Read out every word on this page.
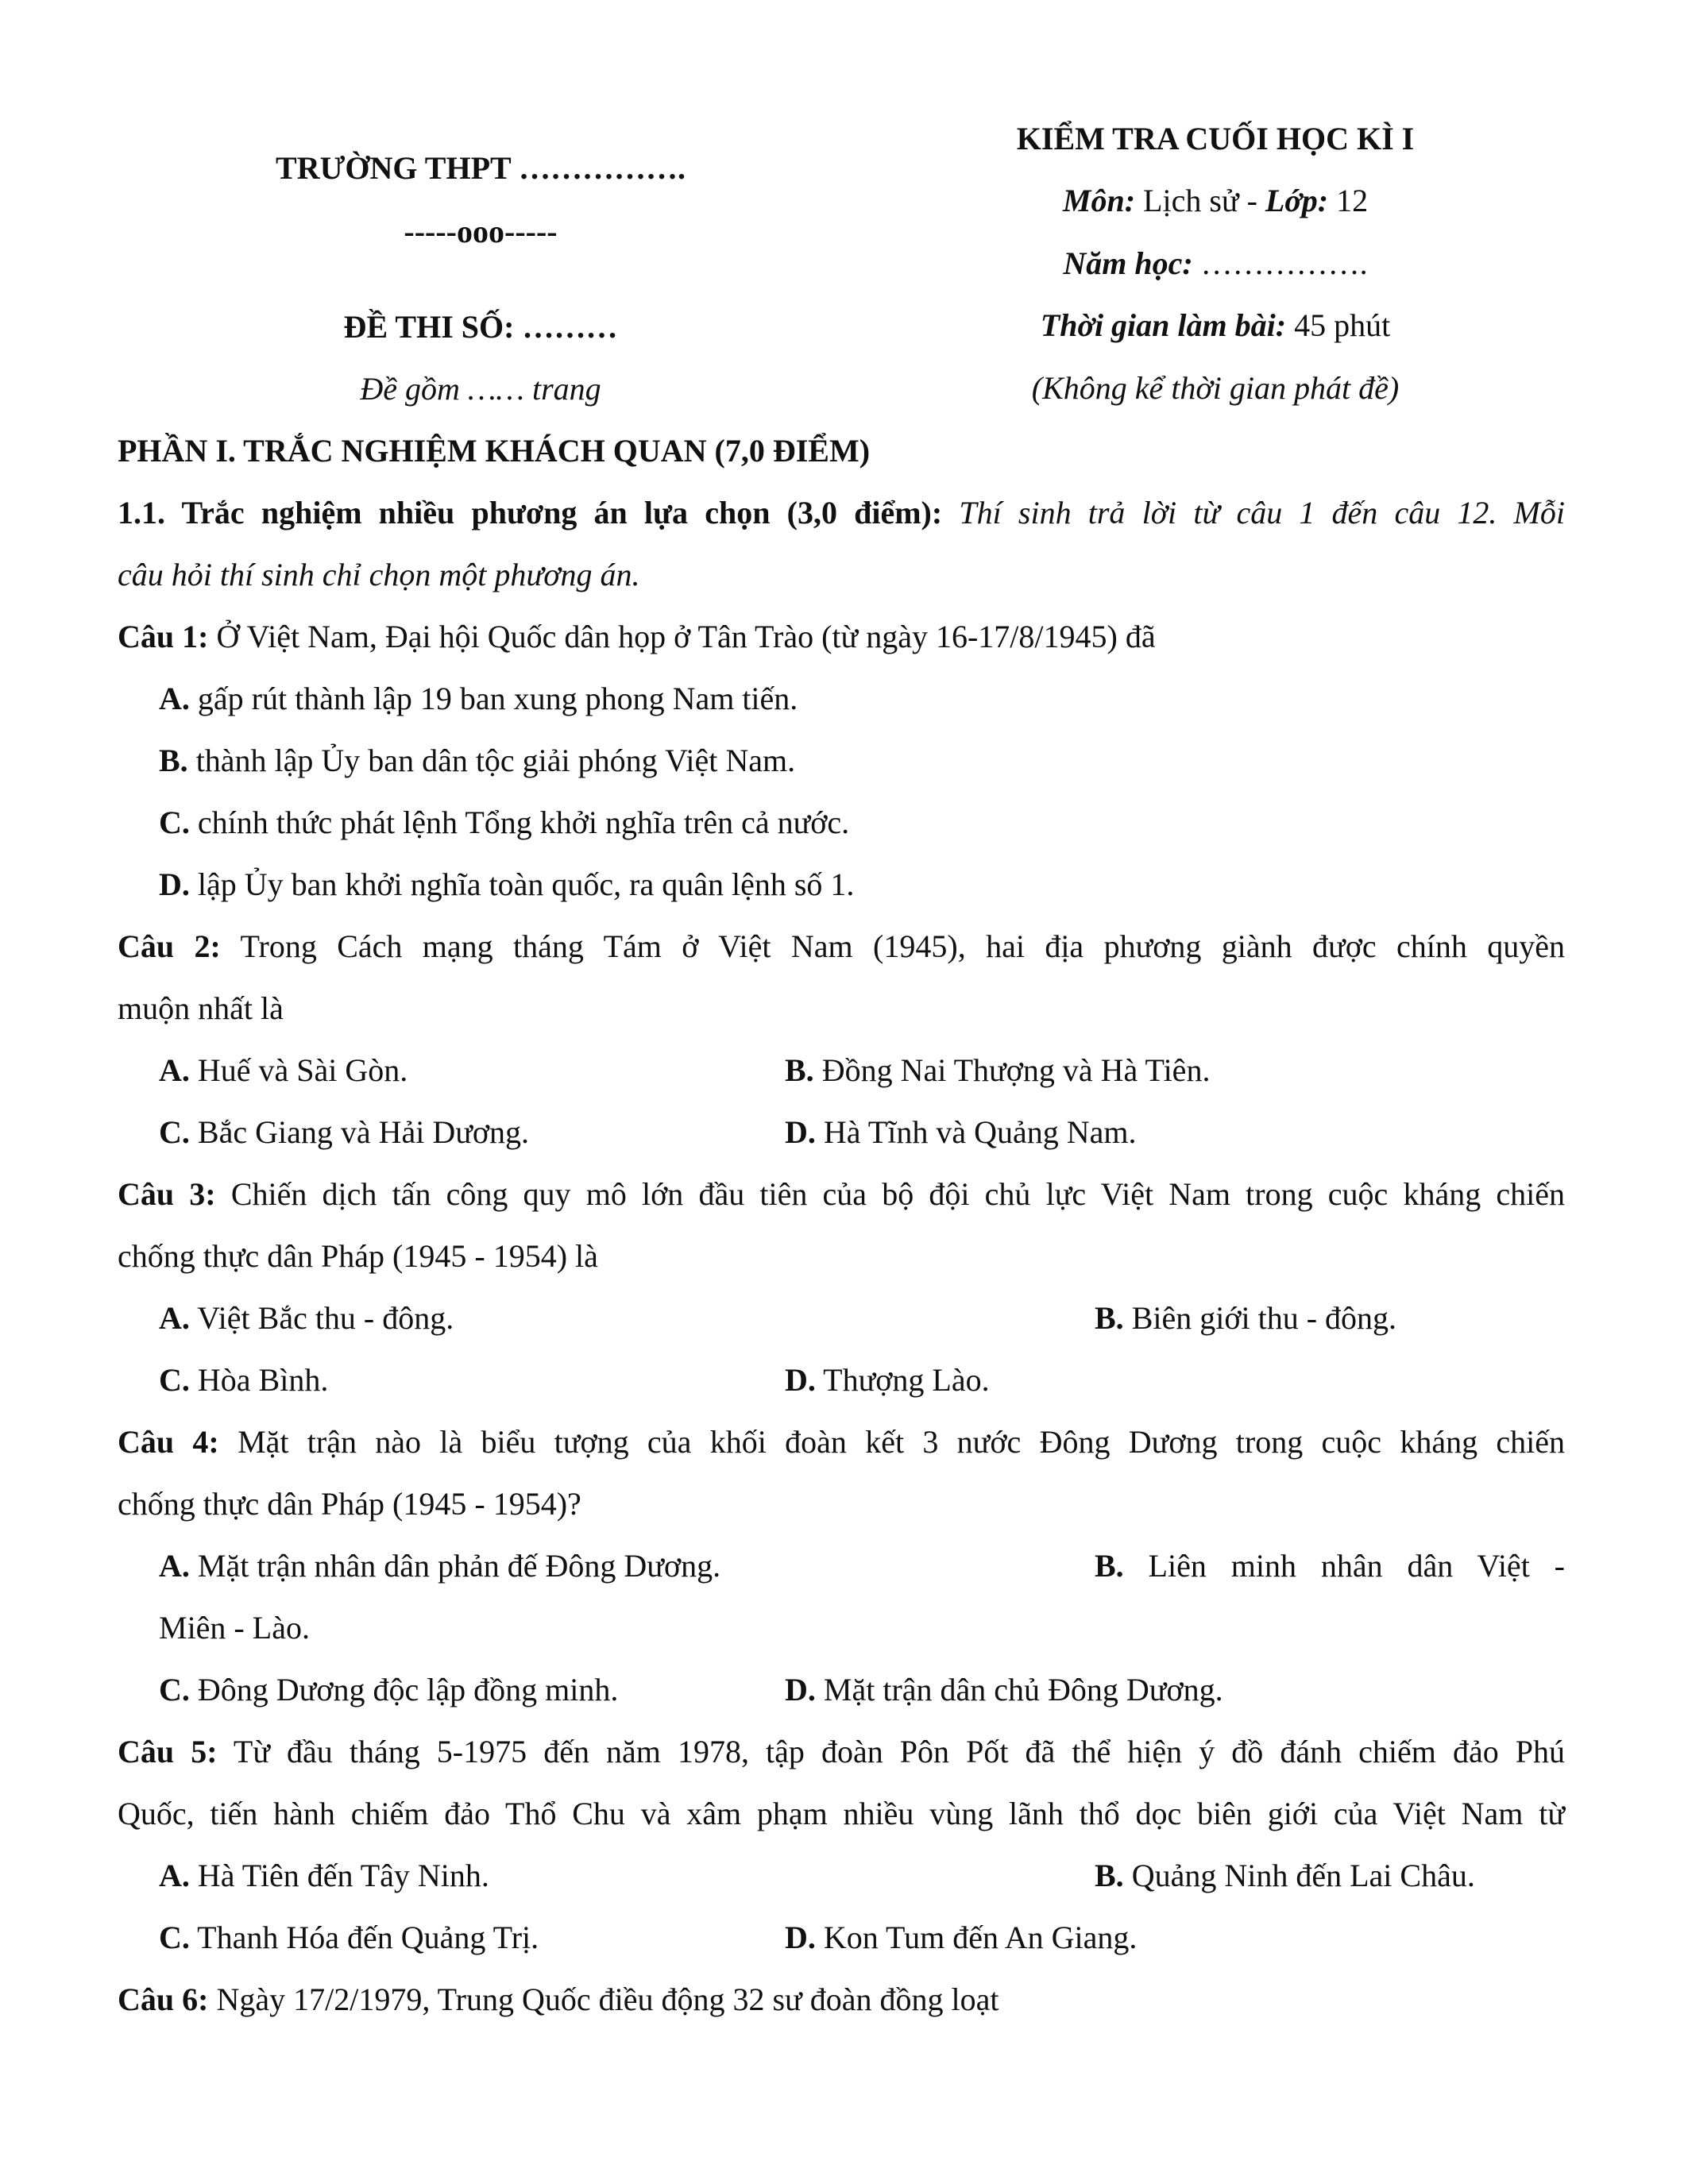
TRƯỜNG THPT …………….
-----ooo-----
ĐỀ THI SỐ: ………
Đề gồm …… trang
KIỂM TRA CUỐI HỌC KÌ I
Môn: Lịch sử - Lớp: 12
Năm học: …………….
Thời gian làm bài: 45 phút
(Không kể thời gian phát đề)
PHẦN I. TRẮC NGHIỆM KHÁCH QUAN (7,0 ĐIỂM)
1.1. Trắc nghiệm nhiều phương án lựa chọn (3,0 điểm): Thí sinh trả lời từ câu 1 đến câu 12. Mỗi
câu hỏi thí sinh chỉ chọn một phương án.
Câu 1: Ở Việt Nam, Đại hội Quốc dân họp ở Tân Trào (từ ngày 16-17/8/1945) đã
A. gấp rút thành lập 19 ban xung phong Nam tiến.
B. thành lập Ủy ban dân tộc giải phóng Việt Nam.
C. chính thức phát lệnh Tổng khởi nghĩa trên cả nước.
D. lập Ủy ban khởi nghĩa toàn quốc, ra quân lệnh số 1.
Câu 2: Trong Cách mạng tháng Tám ở Việt Nam (1945), hai địa phương giành được chính quyền
muộn nhất là
A. Huế và Sài Gòn.	B. Đồng Nai Thượng và Hà Tiên.
C. Bắc Giang và Hải Dương.	D. Hà Tĩnh và Quảng Nam.
Câu 3: Chiến dịch tấn công quy mô lớn đầu tiên của bộ đội chủ lực Việt Nam trong cuộc kháng chiến
chống thực dân Pháp (1945 - 1954) là
A. Việt Bắc thu - đông.	B. Biên giới thu - đông.
C. Hòa Bình.	D. Thượng Lào.
Câu 4: Mặt trận nào là biểu tượng của khối đoàn kết 3 nước Đông Dương trong cuộc kháng chiến
chống thực dân Pháp (1945 - 1954)?
A. Mặt trận nhân dân phản đế Đông Dương.	B. Liên minh nhân dân Việt -
Miên - Lào.
C. Đông Dương độc lập đồng minh.	D. Mặt trận dân chủ Đông Dương.
Câu 5: Từ đầu tháng 5-1975 đến năm 1978, tập đoàn Pôn Pốt đã thể hiện ý đồ đánh chiếm đảo Phú
Quốc, tiến hành chiếm đảo Thổ Chu và xâm phạm nhiều vùng lãnh thổ dọc biên giới của Việt Nam từ
A. Hà Tiên đến Tây Ninh.	B. Quảng Ninh đến Lai Châu.
C. Thanh Hóa đến Quảng Trị.	D. Kon Tum đến An Giang.
Câu 6: Ngày 17/2/1979, Trung Quốc điều động 32 sư đoàn đồng loạt
